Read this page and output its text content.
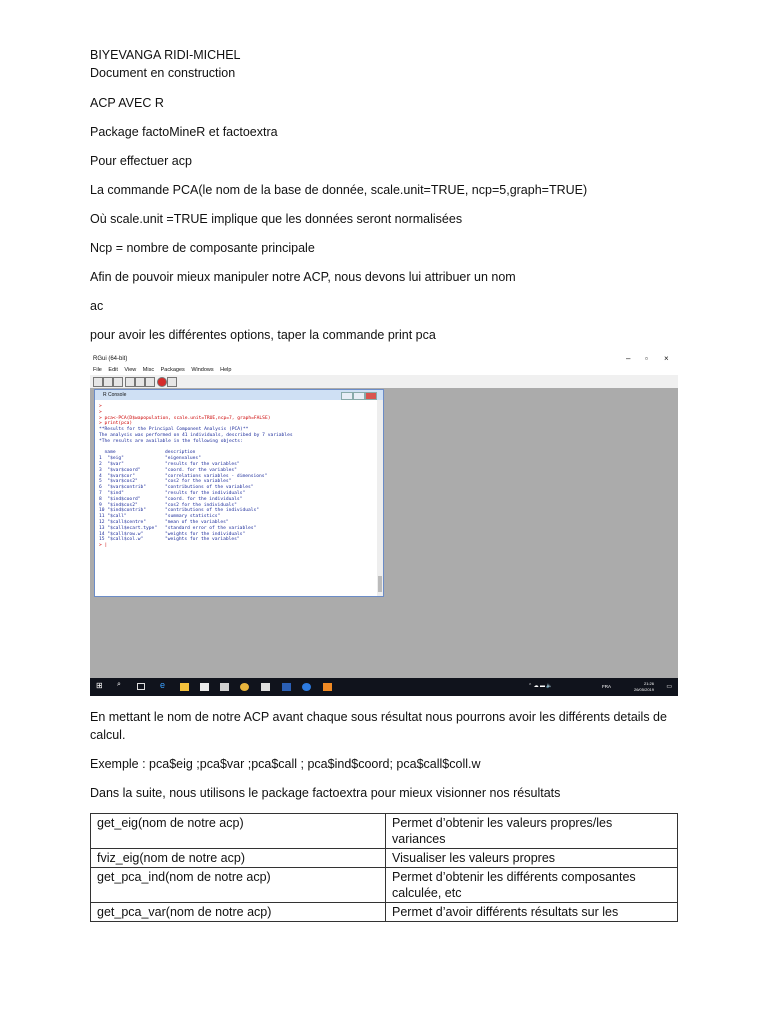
BIYEVANGA RIDI-MICHEL
Document en construction
ACP AVEC R
Package factoMineR et factoextra
Pour effectuer acp
La commande PCA(le nom de la base de donnée, scale.unit=TRUE, ncp=5,graph=TRUE)
Où scale.unit =TRUE implique que les données seront normalisées
Ncp = nombre de composante principale
Afin de pouvoir mieux manipuler notre ACP, nous devons lui attribuer un nom
ac
pour avoir les différentes options, taper la commande print pca
RGui (64-bit)	– ▫ ×
File Edit View Misc Packages Windows Help
R Console
>
>
> pca<-PCA(D$wapopulation, scale.unit=TRUE,ncp=7, graph=FALSE)
> print(pca)
**Results for the Principal Component Analysis (PCA)**
The analysis was performed on 41 individuals, described by 7 variables
*The results are available in the following objects:

name	description
1  "$eig"	"eigenvalues"
2  "$var"	"results for the variables"
3  "$var$coord"	"coord. for the variables"
4  "$var$cor"	"correlations variables - dimensions"
5  "$var$cos2"	"cos2 for the variables"
6  "$var$contrib"	"contributions of the variables"
7  "$ind"	"results for the individuals"
8  "$ind$coord"	"coord. for the individuals"
9  "$ind$cos2"	"cos2 for the individuals"
10 "$ind$contrib"	"contributions of the individuals"
11 "$call"	"summary statistics"
12 "$call$centre"	"mean of the variables"
13 "$call$ecart.type" "standard error of the variables"
14 "$call$row.w"	"weights for the individuals"
15 "$call$col.w"	"weights for the variables"
> |
⊞	⌕	e	⌃ ☁ ▬ 🔈	FRA
21:26
26/05/2019 ▭
En mettant le nom de notre ACP avant chaque sous résultat nous pourrons avoir les différents details de
calcul.
Exemple : pca$eig ;pca$var ;pca$call ; pca$ind$coord; pca$call$coll.w
Dans la suite, nous utilisons le package factoextra pour mieux visionner nos résultats
get_eig(nom de notre acp)	Permet d’obtenir les valeurs propres/les
variances

fviz_eig(nom de notre acp)	Visualiser les valeurs propres

get_pca_ind(nom de notre acp)	Permet d’obtenir les différents composantes
calculée, etc

get_pca_var(nom de notre acp)	Permet d’avoir différents résultats sur les
